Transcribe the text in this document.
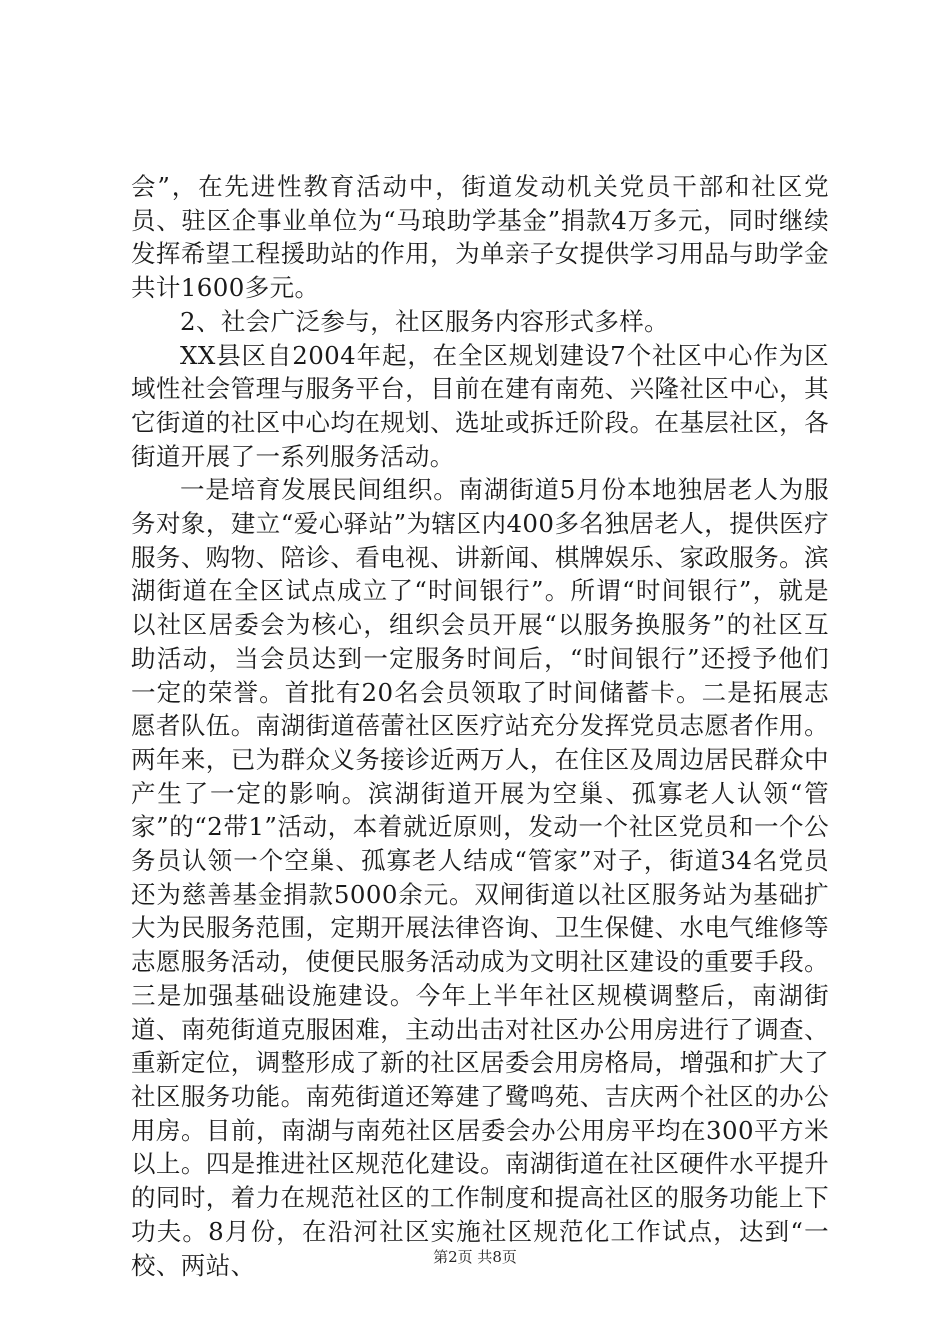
会”，在先进性教育活动中，街道发动机关党员干部和社区党员、驻区企事业单位为“马琅助学基金”捐款4万多元，同时继续发挥希望工程援助站的作用，为单亲子女提供学习用品与助学金共计1600多元。

2、社会广泛参与，社区服务内容形式多样。

XX县区自2004年起，在全区规划建设7个社区中心作为区域性社会管理与服务平台，目前在建有南苑、兴隆社区中心，其它街道的社区中心均在规划、选址或拆迁阶段。在基层社区，各街道开展了一系列服务活动。

一是培育发展民间组织。南湖街道5月份本地独居老人为服务对象，建立“爱心驿站”为辖区内400多名独居老人，提供医疗服务、购物、陪诊、看电视、讲新闻、棋牌娱乐、家政服务。滨湖街道在全区试点成立了“时间银行”。所谓“时间银行”，就是以社区居委会为核心，组织会员开展“以服务换服务”的社区互助活动，当会员达到一定服务时间后，“时间银行”还授予他们一定的荣誉。首批有20名会员领取了时间储蓄卡。二是拓展志愿者队伍。南湖街道蓓蕾社区医疗站充分发挥党员志愿者作用。两年来，已为群众义务接诊近两万人，在住区及周边居民群众中产生了一定的影响。滨湖街道开展为空巢、孤寡老人认领“管家”的“2带1”活动，本着就近原则，发动一个社区党员和一个公务员认领一个空巢、孤寡老人结成“管家”对子，街道34名党员还为慈善基金捐款5000余元。双闸街道以社区服务站为基础扩大为民服务范围，定期开展法律咨询、卫生保健、水电气维修等志愿服务活动，使便民服务活动成为文明社区建设的重要手段。三是加强基础设施建设。今年上半年社区规模调整后，南湖街道、南苑街道克服困难，主动出击对社区办公用房进行了调查、重新定位，调整形成了新的社区居委会用房格局，增强和扩大了社区服务功能。南苑街道还筹建了鹭鸣苑、吉庆两个社区的办公用房。目前，南湖与南苑社区居委会办公用房平均在300平方米以上。四是推进社区规范化建设。南湖街道在社区硬件水平提升的同时，着力在规范社区的工作制度和提高社区的服务功能上下功夫。8月份，在沿河社区实施社区规范化工作试点，达到“一校、两站、	第2页 共8页
